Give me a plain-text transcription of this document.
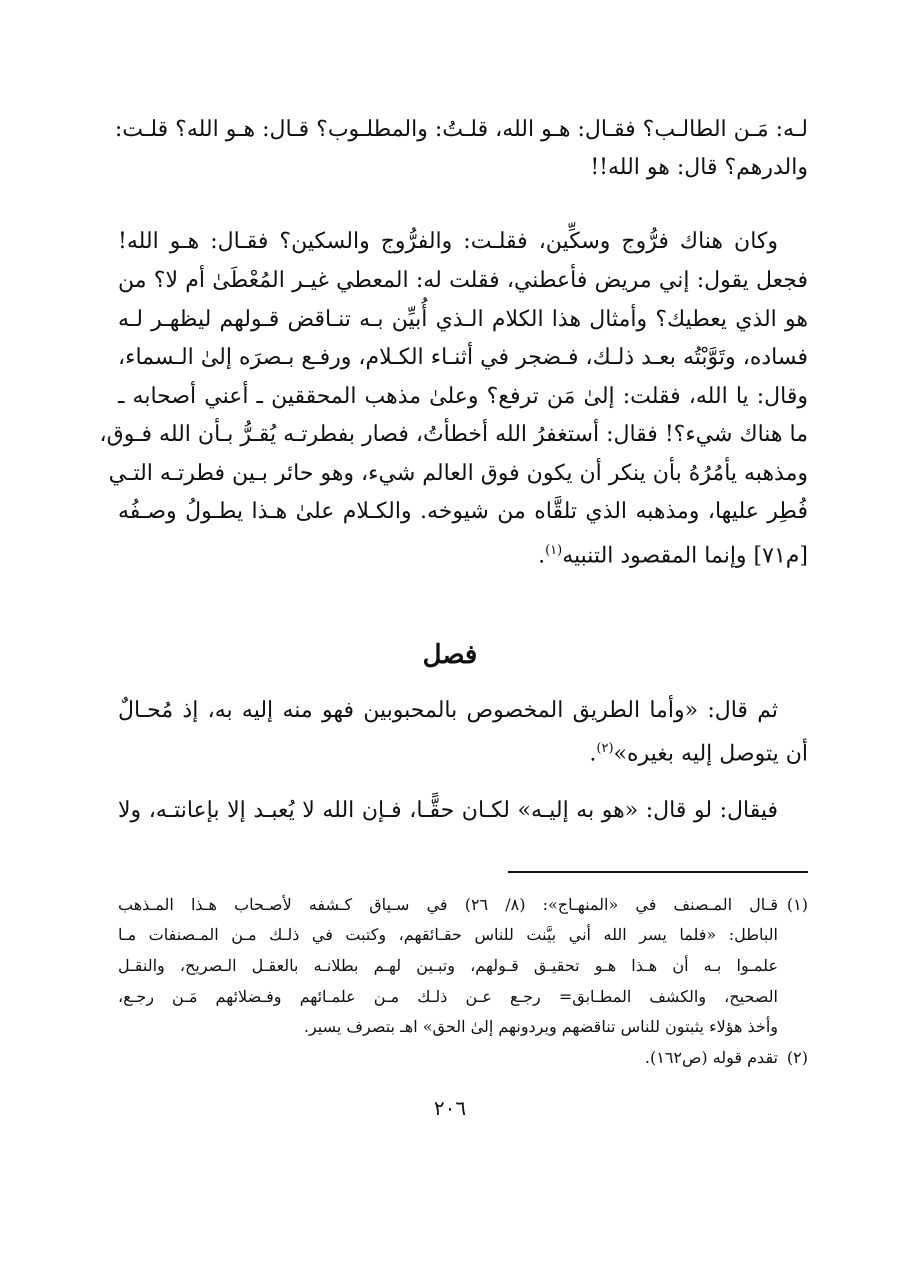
لـه: مَـن الطالـب؟ فقـال: هـو الله، قلـتُ: والمطلـوب؟ قـال: هـو الله؟ قلـت:
والدرهم؟ قال: هو الله!!
وكان هناك فرُّوج وسكِّين، فقلـت: والفرُّوج والسكين؟ فقـال: هـو الله!
فجعل يقول: إني مريض فأعطني، فقلت له: المعطي غيـر المُعْطَىٰ أم لا؟ من
هو الذي يعطيك؟ وأمثال هذا الكلام الـذي أُبيِّن بـه تنـاقض قـولهم ليظهـر لـه
فساده، وتَوَّبْتُه بعـد ذلـك، فـضجر في أثنـاء الكـلام، ورفـع بـصرَه إلىٰ الـسماء،
وقال: يا الله، فقلت: إلىٰ مَن ترفع؟ وعلىٰ مذهب المحققين ـ أعني أصحابه ـ
ما هناك شيء؟! فقال: أستغفرُ الله أخطأتُ، فصار بفطرتـه يُقـرُّ بـأن الله فـوق،
ومذهبه يأمُرُهُ بأن ينكر أن يكون فوق العالم شيء، وهو حائر بـين فطرتـه التـي
فُطِر عليها، ومذهبه الذي تلقَّاه من شيوخه. والكـلام علىٰ هـذا يطـولُ وصـفُه
[م٧١] وإنما المقصود التنبيه$^{(١)}$.
فصل
ثم قال: «وأما الطريق المخصوص بالمحبوبين فهو منه إليه به، إذ مُحـالٌ
أن يتوصل إليه بغيره»$^{(٢)}$.
فيقال: لو قال: «هو به إليـه» لكـان حقًّـا، فـإن الله لا يُعبـد إلا بإعانتـه، ولا
(١)
قـال المـصنف في «المنهـاج»: (٨/ ٢٦) في سـياق كـشفه لأصـحاب هـذا المـذهب
الباطل: «فلما يسر الله أني بيَّنت للناس حقـائقهم، وكتبت في ذلـك مـن المـصنفات مـا
علمـوا بـه أن هـذا هـو تحقيـق قـولهم، وتبـين لهـم بطلانـه بالعقـل الـصريح، والنقـل
الصحيح، والكشف المطـابق= رجـع عـن ذلـك مـن علمـائهم وفـضلائهم مَـن رجـع،
وأخذ هؤلاء يثبتون للناس تناقضهم ويردونهم إلىٰ الحق» اهـ بتصرف يسير.
(٢)
تقدم قوله (ص١٦٢).
٢٠٦
